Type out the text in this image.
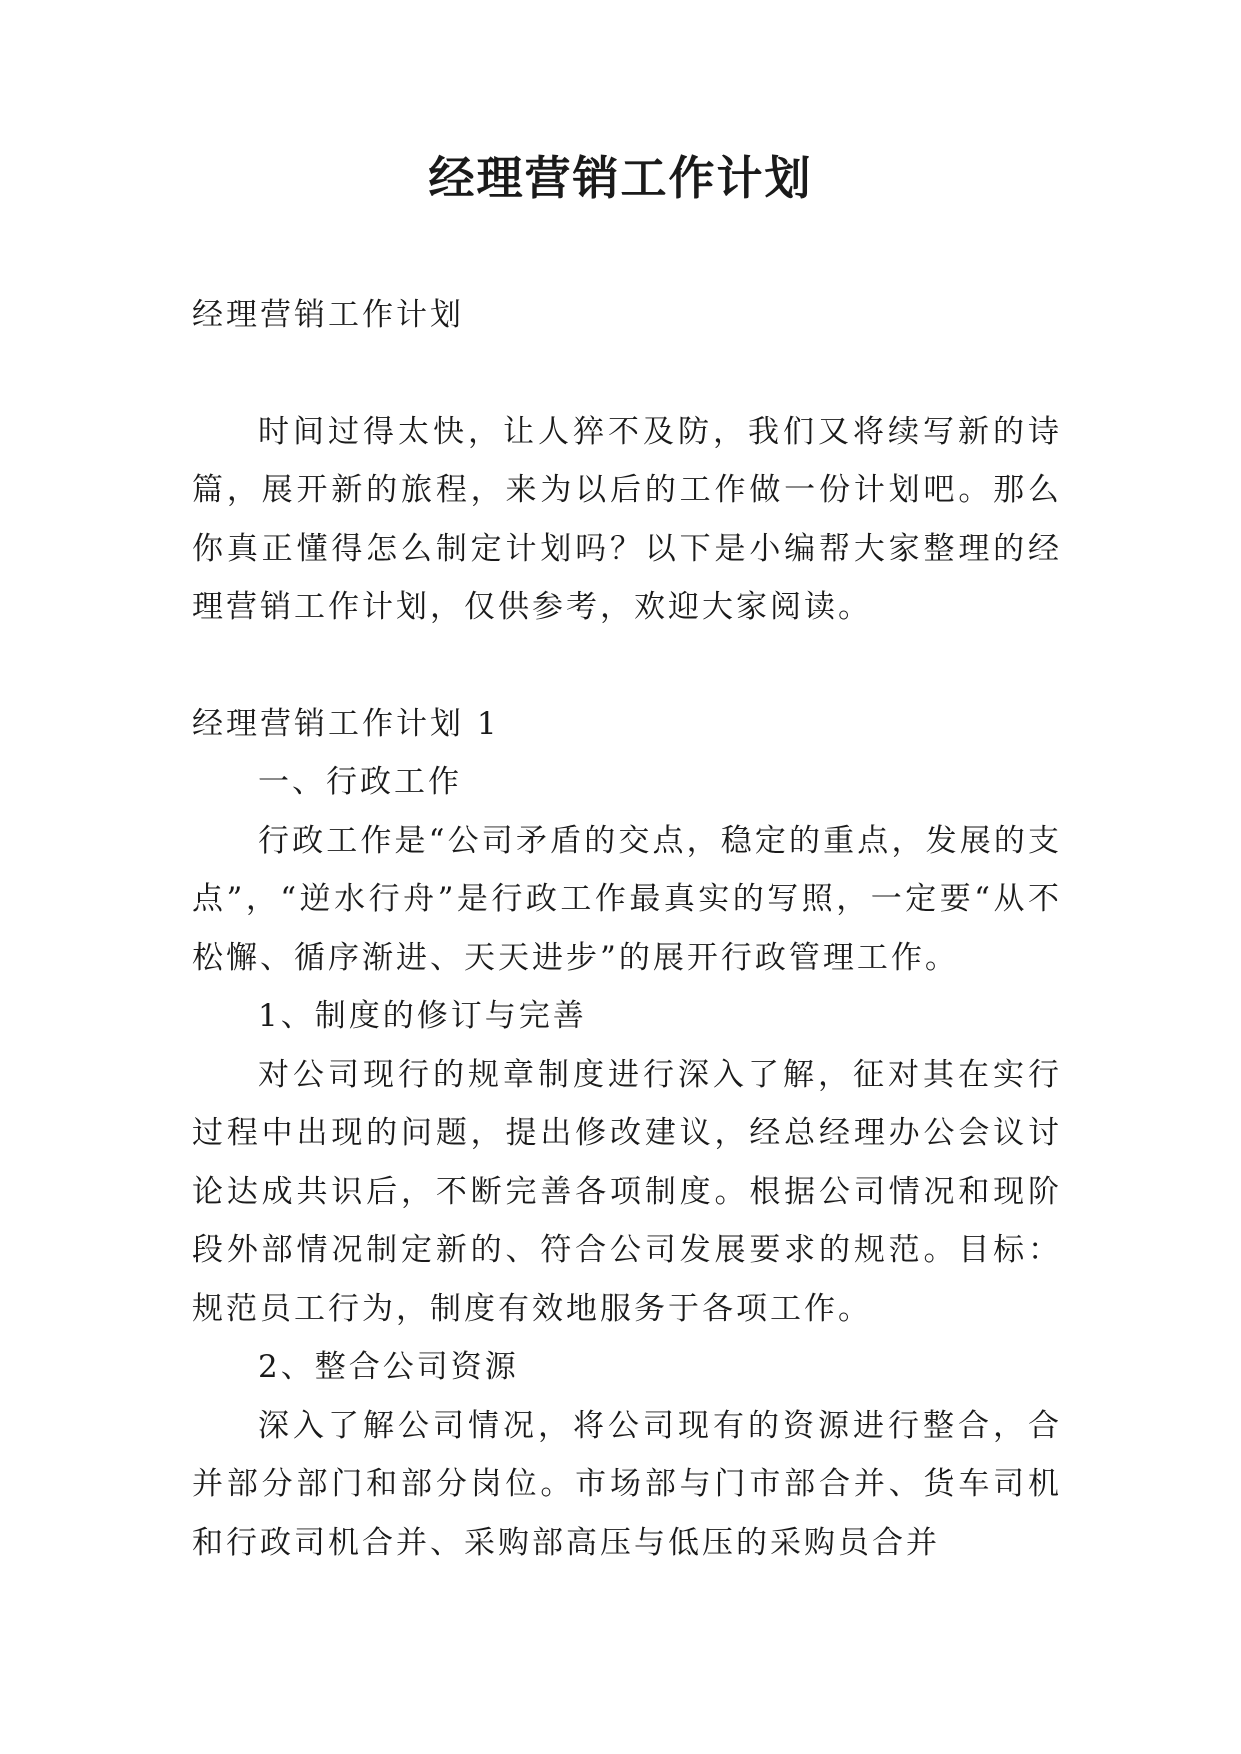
经理营销工作计划

经理营销工作计划

时间过得太快，让人猝不及防，我们又将续写新的诗篇，展开新的旅程，来为以后的工作做一份计划吧。那么你真正懂得怎么制定计划吗？以下是小编帮大家整理的经理营销工作计划，仅供参考，欢迎大家阅读。

经理营销工作计划 1

一、行政工作

行政工作是“公司矛盾的交点，稳定的重点，发展的支点”，“逆水行舟”是行政工作最真实的写照，一定要“从不松懈、循序渐进、天天进步”的展开行政管理工作。

1、制度的修订与完善

对公司现行的规章制度进行深入了解，征对其在实行过程中出现的问题，提出修改建议，经总经理办公会议讨论达成共识后，不断完善各项制度。根据公司情况和现阶段外部情况制定新的、符合公司发展要求的规范。目标：规范员工行为，制度有效地服务于各项工作。

2、整合公司资源

深入了解公司情况，将公司现有的资源进行整合，合并部分部门和部分岗位。市场部与门市部合并、货车司机和行政司机合并、采购部高压与低压的采购员合并
